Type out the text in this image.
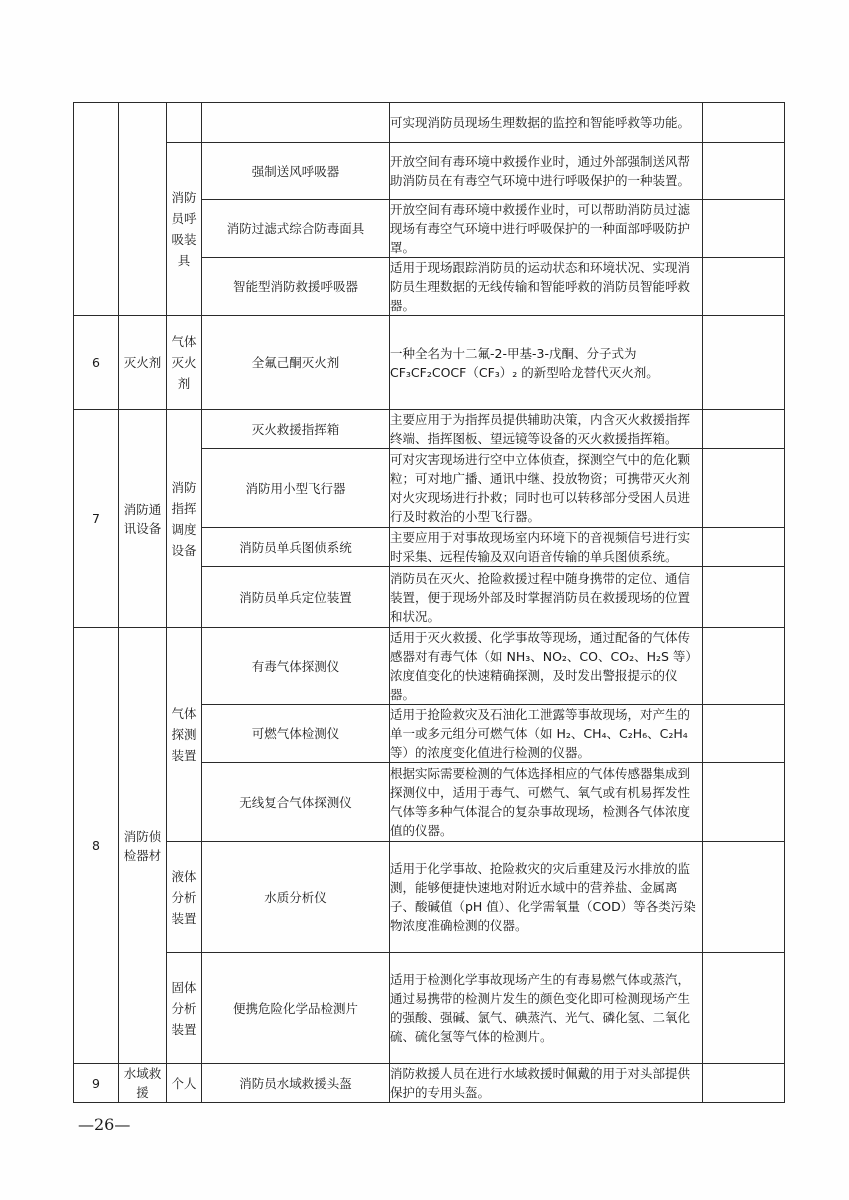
				可实现消防员现场生理数据的监控和智能呼救等功能。	
		消防员呼吸装具	强制送风呼吸器	开放空间有毒环境中救援作业时，通过外部强制送风帮助消防员在有毒空气环境中进行呼吸保护的一种装置。	
			消防过滤式综合防毒面具	开放空间有毒环境中救援作业时，可以帮助消防员过滤现场有毒空气环境中进行呼吸保护的一种面部呼吸防护罩。	
			智能型消防救援呼吸器	适用于现场跟踪消防员的运动状态和环境状况、实现消防员生理数据的无线传输和智能呼救的消防员智能呼救器。	
6	灭火剂	气体灭火剂	全氟己酮灭火剂	一种全名为十二氟-2-甲基-3-戊酮、分子式为
CF₃CF₂COCF（CF₃）₂ 的新型哈龙替代灭火剂。	

7	消防通讯设备	消防指挥调度设备	灭火救援指挥箱	主要应用于为指挥员提供辅助决策，内含灭火救援指挥终端、指挥图板、望远镜等设备的灭火救援指挥箱。	
			消防用小型飞行器	可对灾害现场进行空中立体侦查，探测空气中的危化颗粒；可对地广播、通讯中继、投放物资；可携带灭火剂对火灾现场进行扑救；同时也可以转移部分受困人员进行及时救治的小型飞行器。	
			消防员单兵图侦系统	主要应用于对事故现场室内环境下的音视频信号进行实时采集、远程传输及双向语音传输的单兵图侦系统。	
			消防员单兵定位装置	消防员在灭火、抢险救援过程中随身携带的定位、通信装置，便于现场外部及时掌握消防员在救援现场的位置和状况。	
8	消防侦检器材	气体探测装置	有毒气体探测仪	适用于灭火救援、化学事故等现场，通过配备的气体传感器对有毒气体（如 NH₃、NO₂、CO、CO₂、H₂S 等）浓度值变化的快速精确探测，及时发出警报提示的仪器。	
			可燃气体检测仪	适用于抢险救灾及石油化工泄露等事故现场，对产生的单一或多元组分可燃气体（如 H₂、CH₄、C₂H₆、C₂H₄ 等）的浓度变化值进行检测的仪器。	
			无线复合气体探测仪	根据实际需要检测的气体选择相应的气体传感器集成到探测仪中，适用于毒气、可燃气、氧气或有机易挥发性气体等多种气体混合的复杂事故现场，检测各气体浓度值的仪器。	
		液体分析装置	水质分析仪	适用于化学事故、抢险救灾的灾后重建及污水排放的监测，能够便捷快速地对附近水域中的营养盐、金属离子、酸碱值（pH 值）、化学需氧量（COD）等各类污染物浓度准确检测的仪器。	
		固体分析装置	便携危险化学品检测片	适用于检测化学事故现场产生的有毒易燃气体或蒸汽，通过易携带的检测片发生的颜色变化即可检测现场产生的强酸、强碱、氯气、碘蒸汽、光气、磷化氢、二氧化硫、硫化氢等气体的检测片。	
9	水域救援	个人	消防员水域救援头盔	消防救援人员在进行水域救援时佩戴的用于对头部提供保护的专用头盔。	
—26—
